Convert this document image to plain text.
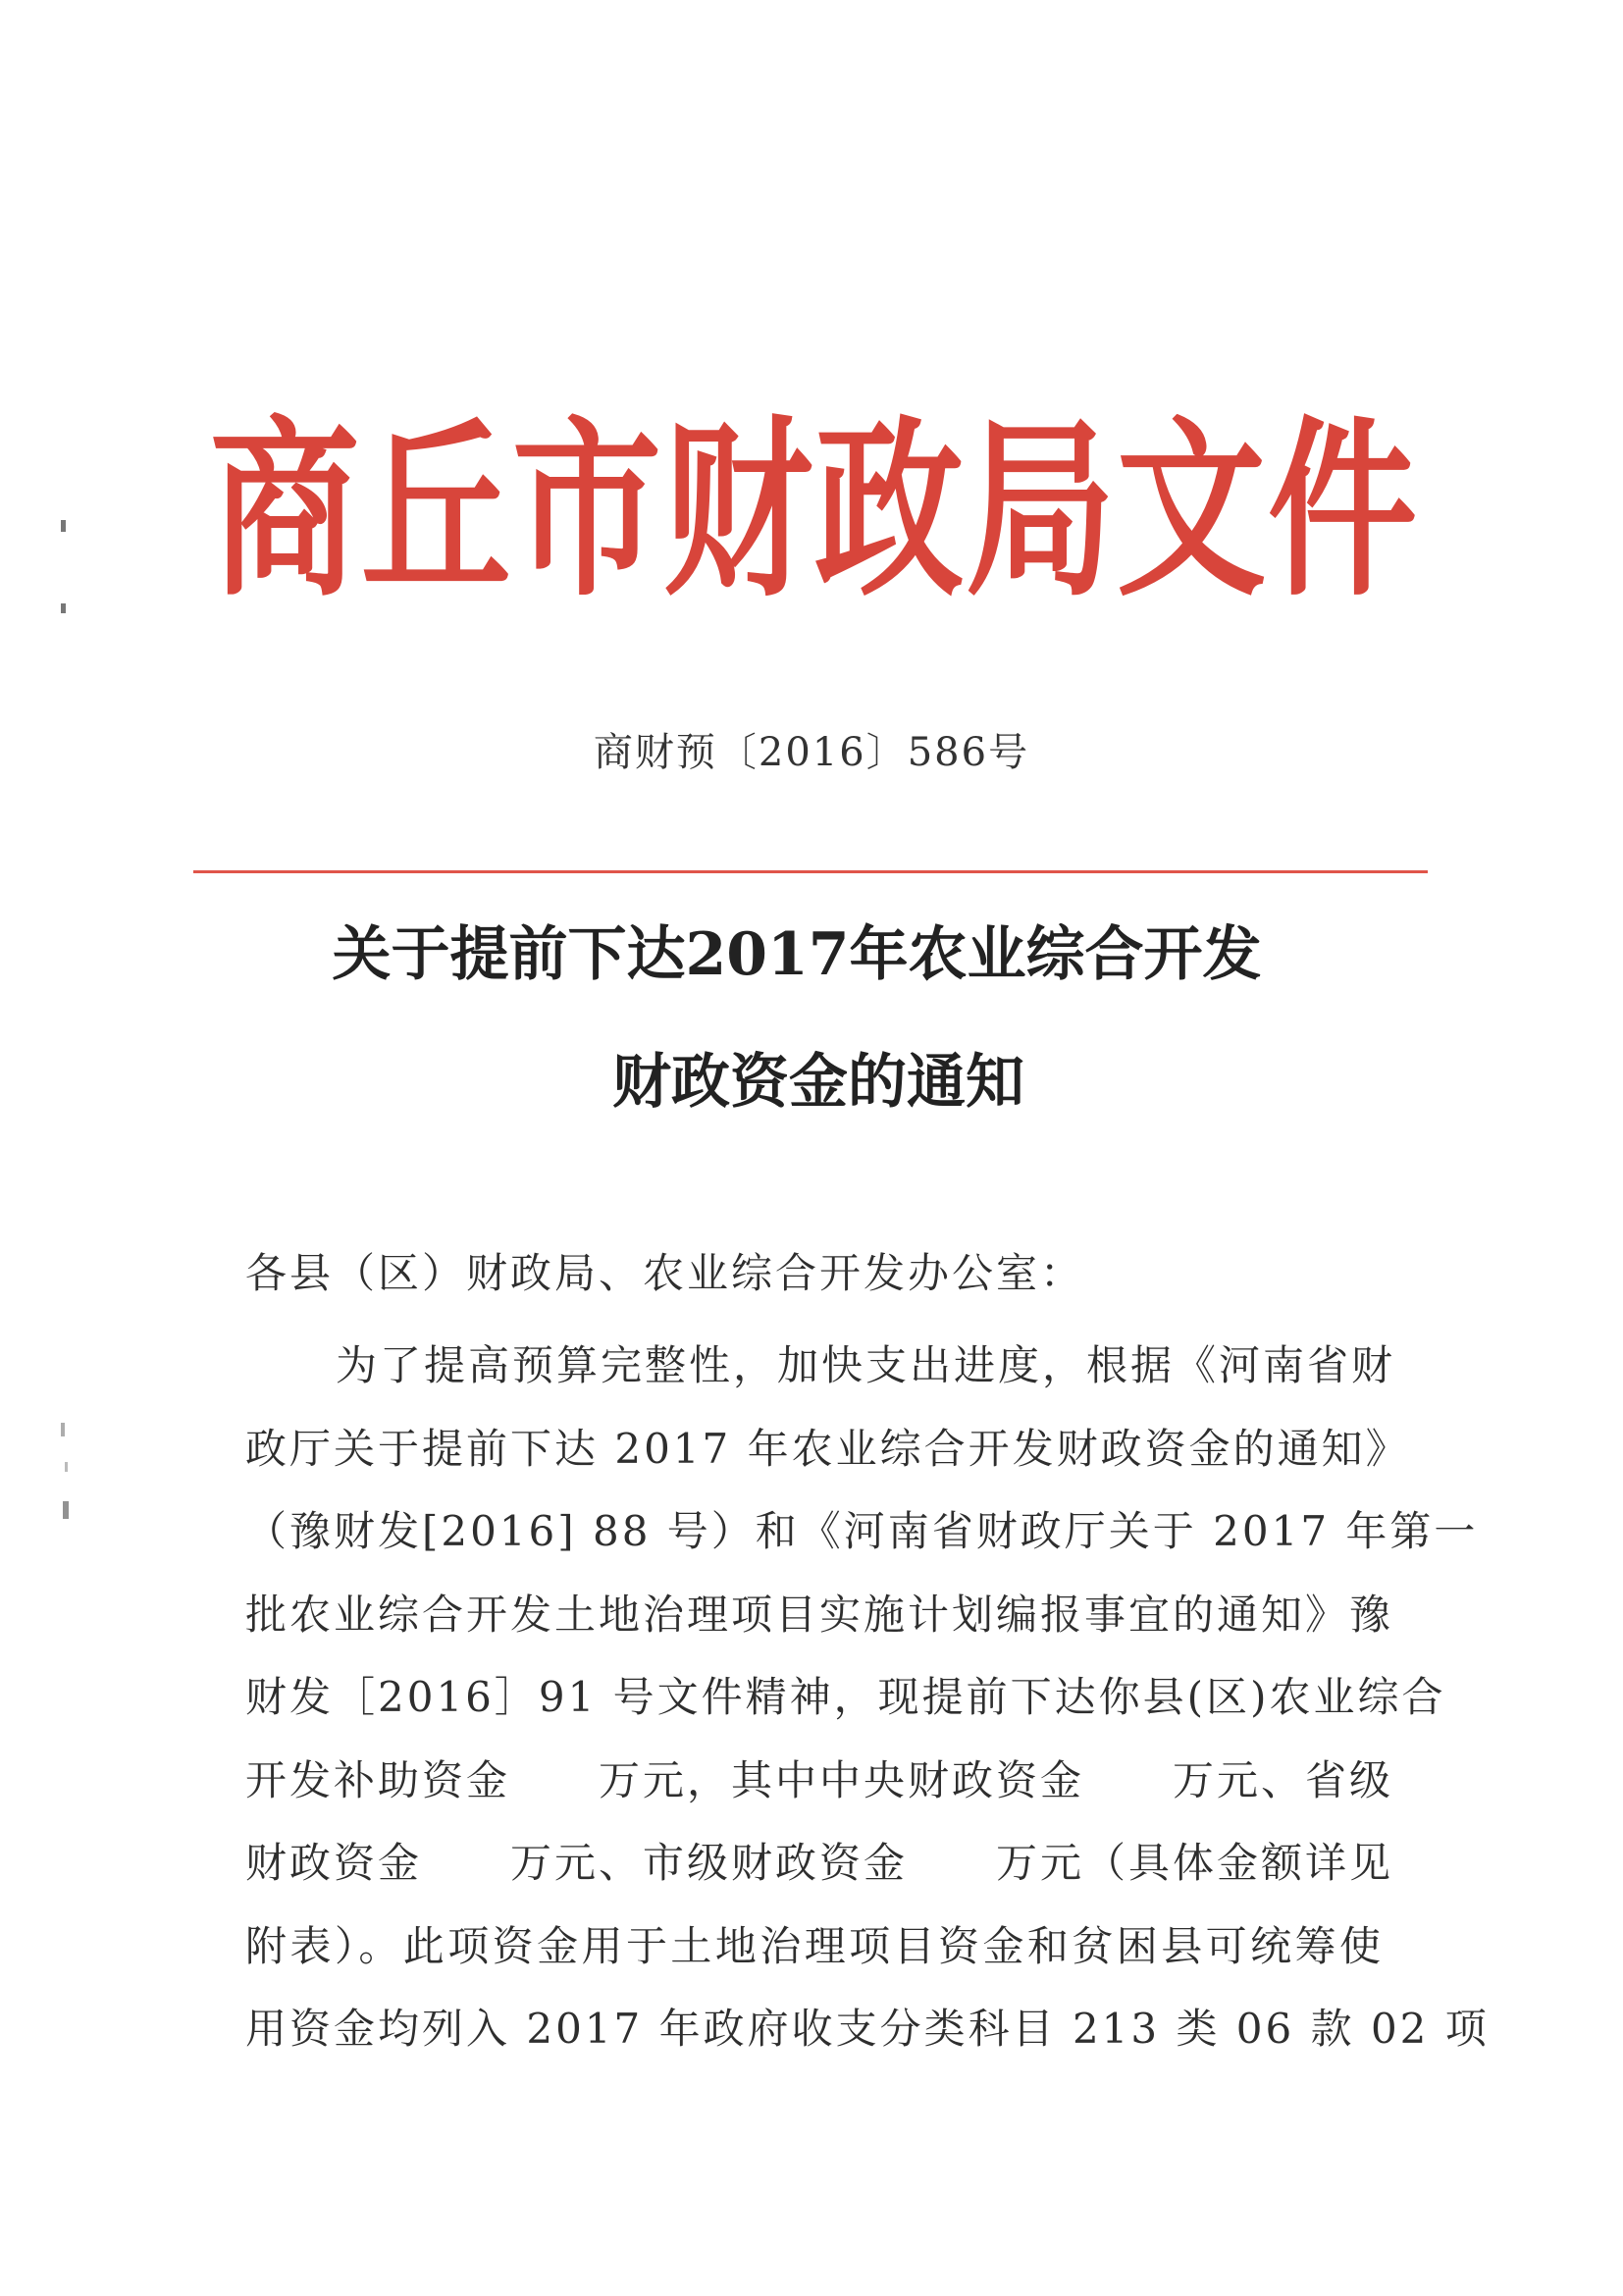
商丘市财政局文件
商财预〔2016〕586号
关于提前下达2017年农业综合开发
财政资金的通知
各县（区）财政局、农业综合开发办公室：
为了提高预算完整性，加快支出进度，根据《河南省财
政厅关于提前下达 2017 年农业综合开发财政资金的通知》
（豫财发[2016] 88 号）和《河南省财政厅关于 2017 年第一
批农业综合开发土地治理项目实施计划编报事宜的通知》豫
财发［2016］91 号文件精神，现提前下达你县(区)农业综合
开发补助资金　　万元，其中中央财政资金　　万元、省级
财政资金　　万元、市级财政资金　　万元（具体金额详见
附表）。此项资金用于土地治理项目资金和贫困县可统筹使
用资金均列入 2017 年政府收支分类科目 213 类 06 款 02 项
